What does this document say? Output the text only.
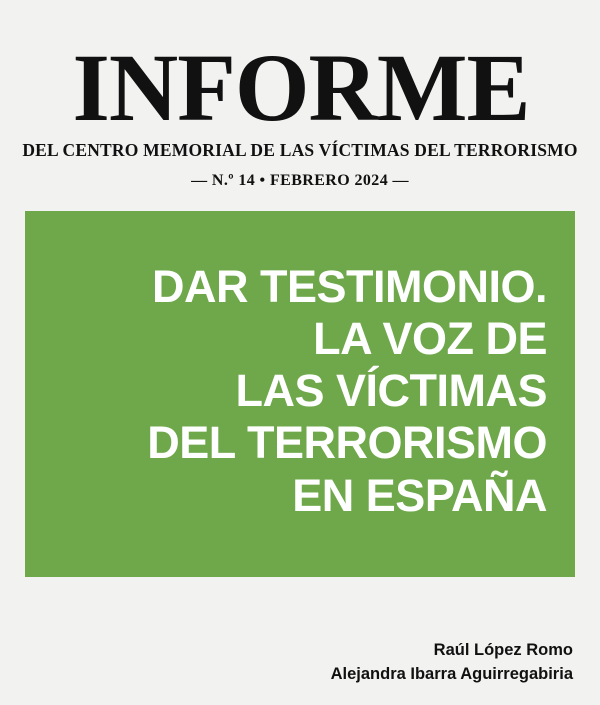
INFORME
DEL CENTRO MEMORIAL DE LAS VÍCTIMAS DEL TERRORISMO
— N.º 14 • FEBRERO 2024 —
DAR TESTIMONIO.
LA VOZ DE
LAS VÍCTIMAS
DEL TERRORISMO
EN ESPAÑA
Raúl López Romo
Alejandra Ibarra Aguirregabiria
